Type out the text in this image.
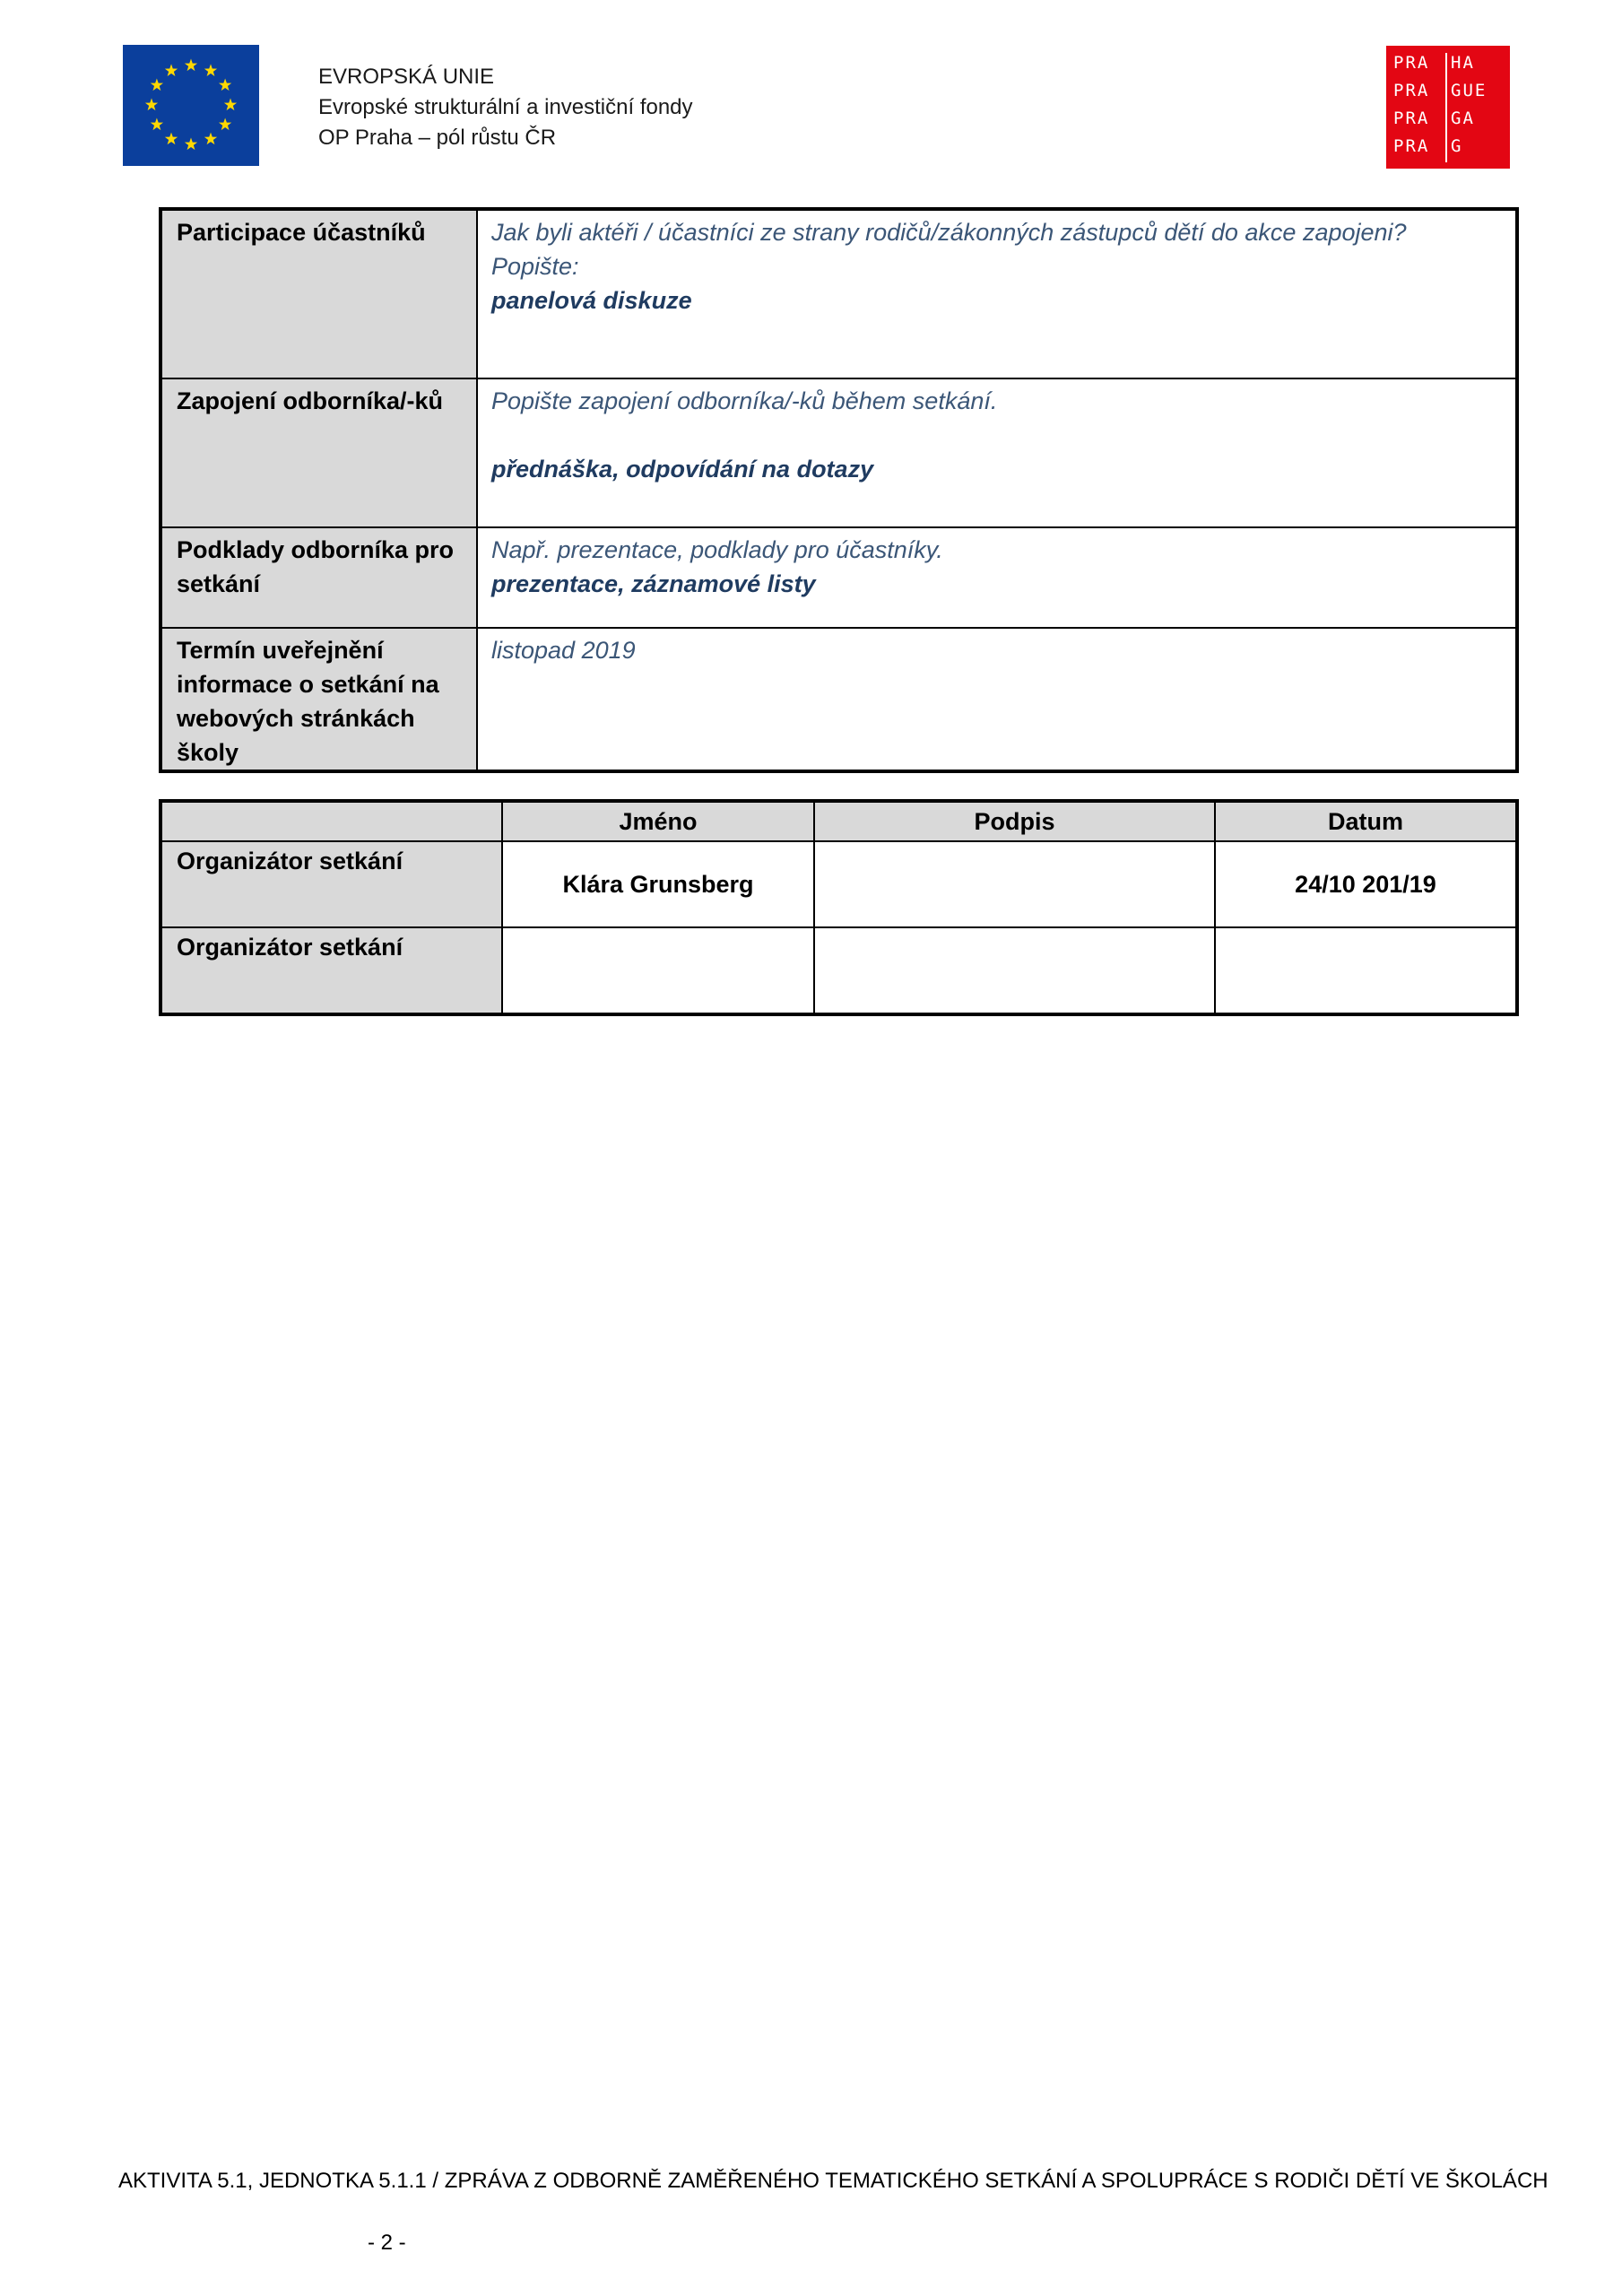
EVROPSKÁ UNIE
Evropské strukturální a investiční fondy
OP Praha – pól růstu ČR
PRA HA
PRA GUE
PRA GA
PRA G
Participace účastníků	Jak byli aktéři / účastníci ze strany rodičů/zákonných zástupců dětí do akce zapojeni?
Popište:
panelová diskuze

Zapojení odborníka/-ků	Popište zapojení odborníka/-ků během setkání.
přednáška, odpovídání na dotazy

Podklady odborníka pro setkání	Např. prezentace, podklady pro účastníky.
prezentace, záznamové listy

Termín uveřejnění informace o setkání na webových stránkách školy	listopad 2019
	Jméno	Podpis	Datum
Organizátor setkání	Klára Grunsberg		24/10 201/19
Organizátor setkání			
AKTIVITA 5.1, JEDNOTKA 5.1.1 / ZPRÁVA Z ODBORNĚ ZAMĚŘENÉHO TEMATICKÉHO SETKÁNÍ A SPOLUPRÁCE S RODIČI DĚTÍ VE ŠKOLÁCH
- 2 -
